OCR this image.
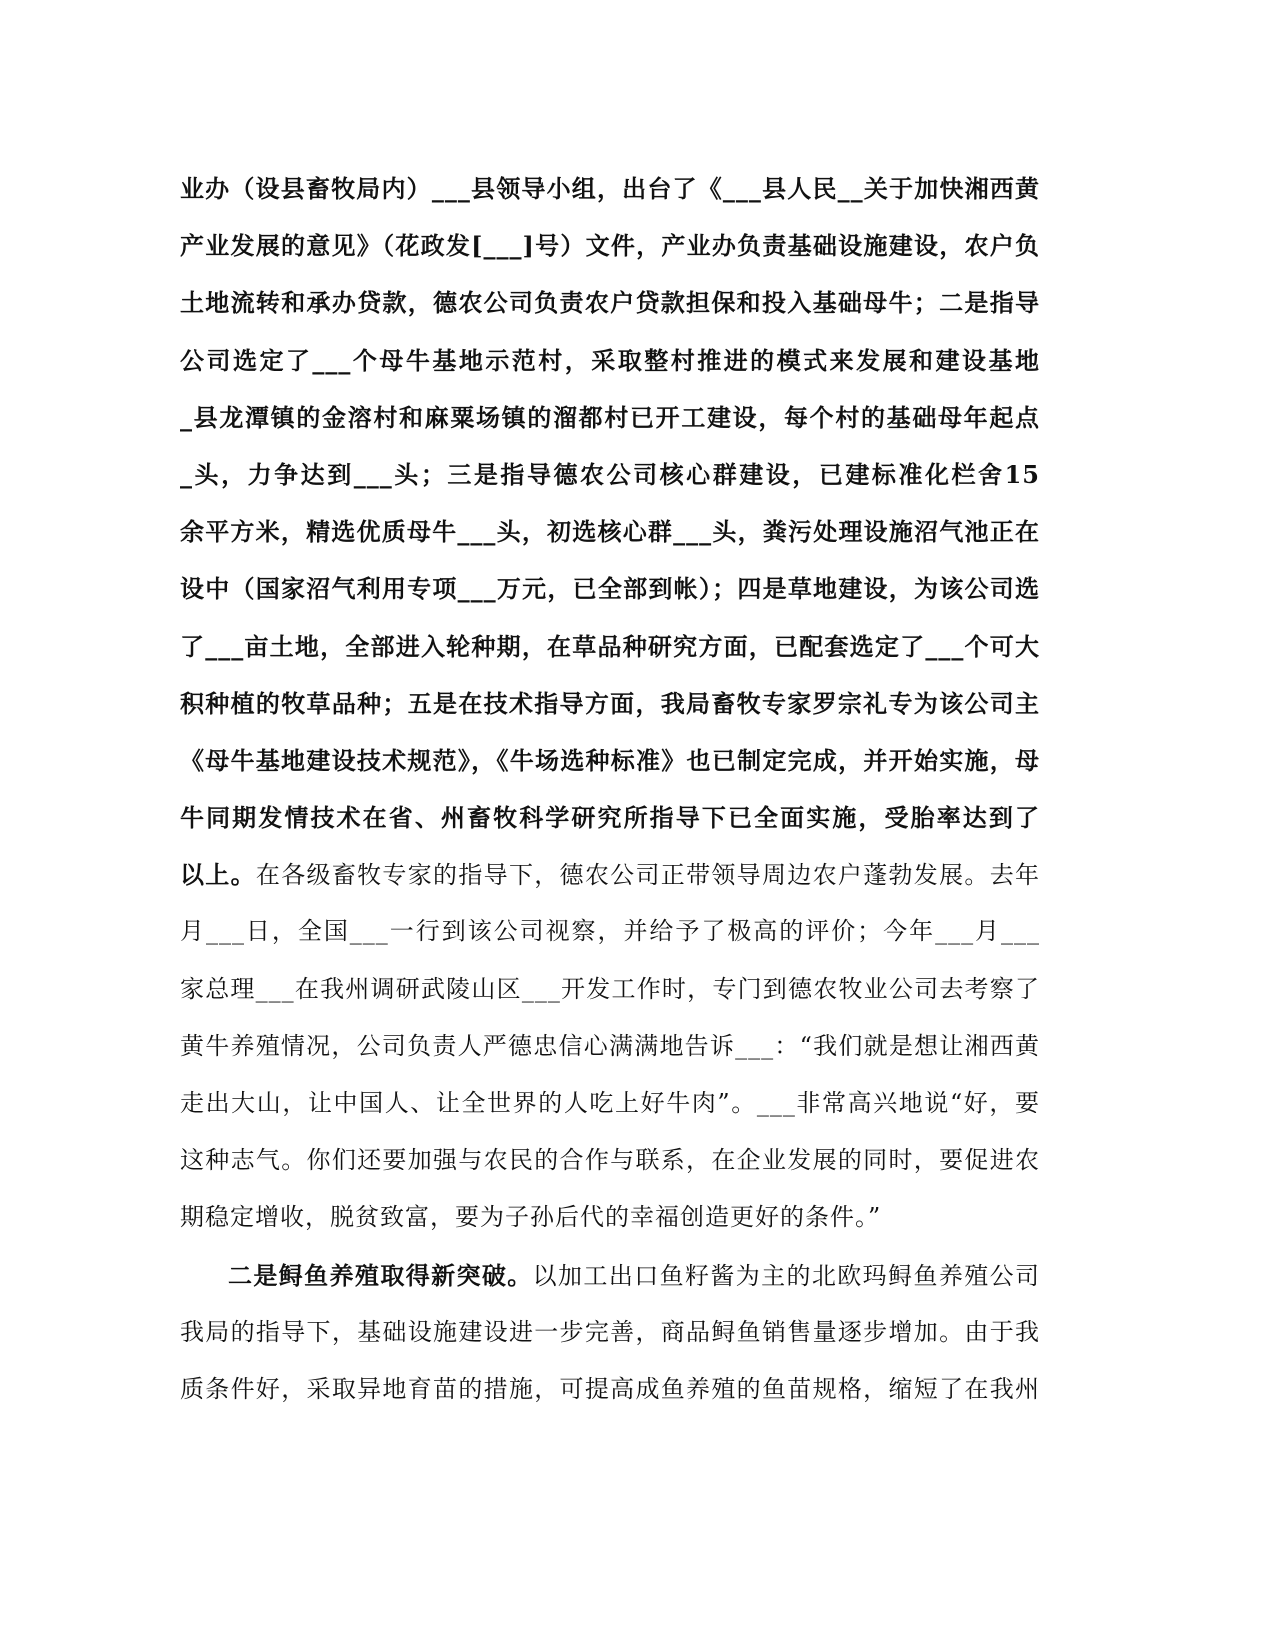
业办（设县畜牧局内）___县领导小组，出台了《___县人民__关于加快湘西黄
产业发展的意见》（花政发[___]号）文件，产业办负责基础设施建设，农户负
土地流转和承办贷款，德农公司负责农户贷款担保和投入基础母牛；二是指导
公司选定了___个母牛基地示范村，采取整村推进的模式来发展和建设基地
_县龙潭镇的金溶村和麻粟场镇的溜都村已开工建设，每个村的基础母年起点
_头，力争达到___头；三是指导德农公司核心群建设，已建标准化栏舍15
余平方米，精选优质母牛___头，初选核心群___头，粪污处理设施沼气池正在
设中（国家沼气利用专项___万元，已全部到帐）；四是草地建设，为该公司选
了___亩土地，全部进入轮种期，在草品种研究方面，已配套选定了___个可大
积种植的牧草品种；五是在技术指导方面，我局畜牧专家罗宗礼专为该公司主
《母牛基地建设技术规范》，《牛场选种标准》也已制定完成，并开始实施，母
牛同期发情技术在省、州畜牧科学研究所指导下已全面实施，受胎率达到了
以上。在各级畜牧专家的指导下，德农公司正带领导周边农户蓬勃发展。去年
月___日，全国___一行到该公司视察，并给予了极高的评价；今年___月___
家总理___在我州调研武陵山区___开发工作时，专门到德农牧业公司去考察了
黄牛养殖情况，公司负责人严德忠信心满满地告诉___：“我们就是想让湘西黄
走出大山，让中国人、让全世界的人吃上好牛肉”。___非常高兴地说“好，要
这种志气。你们还要加强与农民的合作与联系，在企业发展的同时，要促进农
期稳定增收，脱贫致富，要为子孙后代的幸福创造更好的条件。”
二是鲟鱼养殖取得新突破。以加工出口鱼籽酱为主的北欧玛鲟鱼养殖公司
我局的指导下，基础设施建设进一步完善，商品鲟鱼销售量逐步增加。由于我
质条件好，采取异地育苗的措施，可提高成鱼养殖的鱼苗规格，缩短了在我州
